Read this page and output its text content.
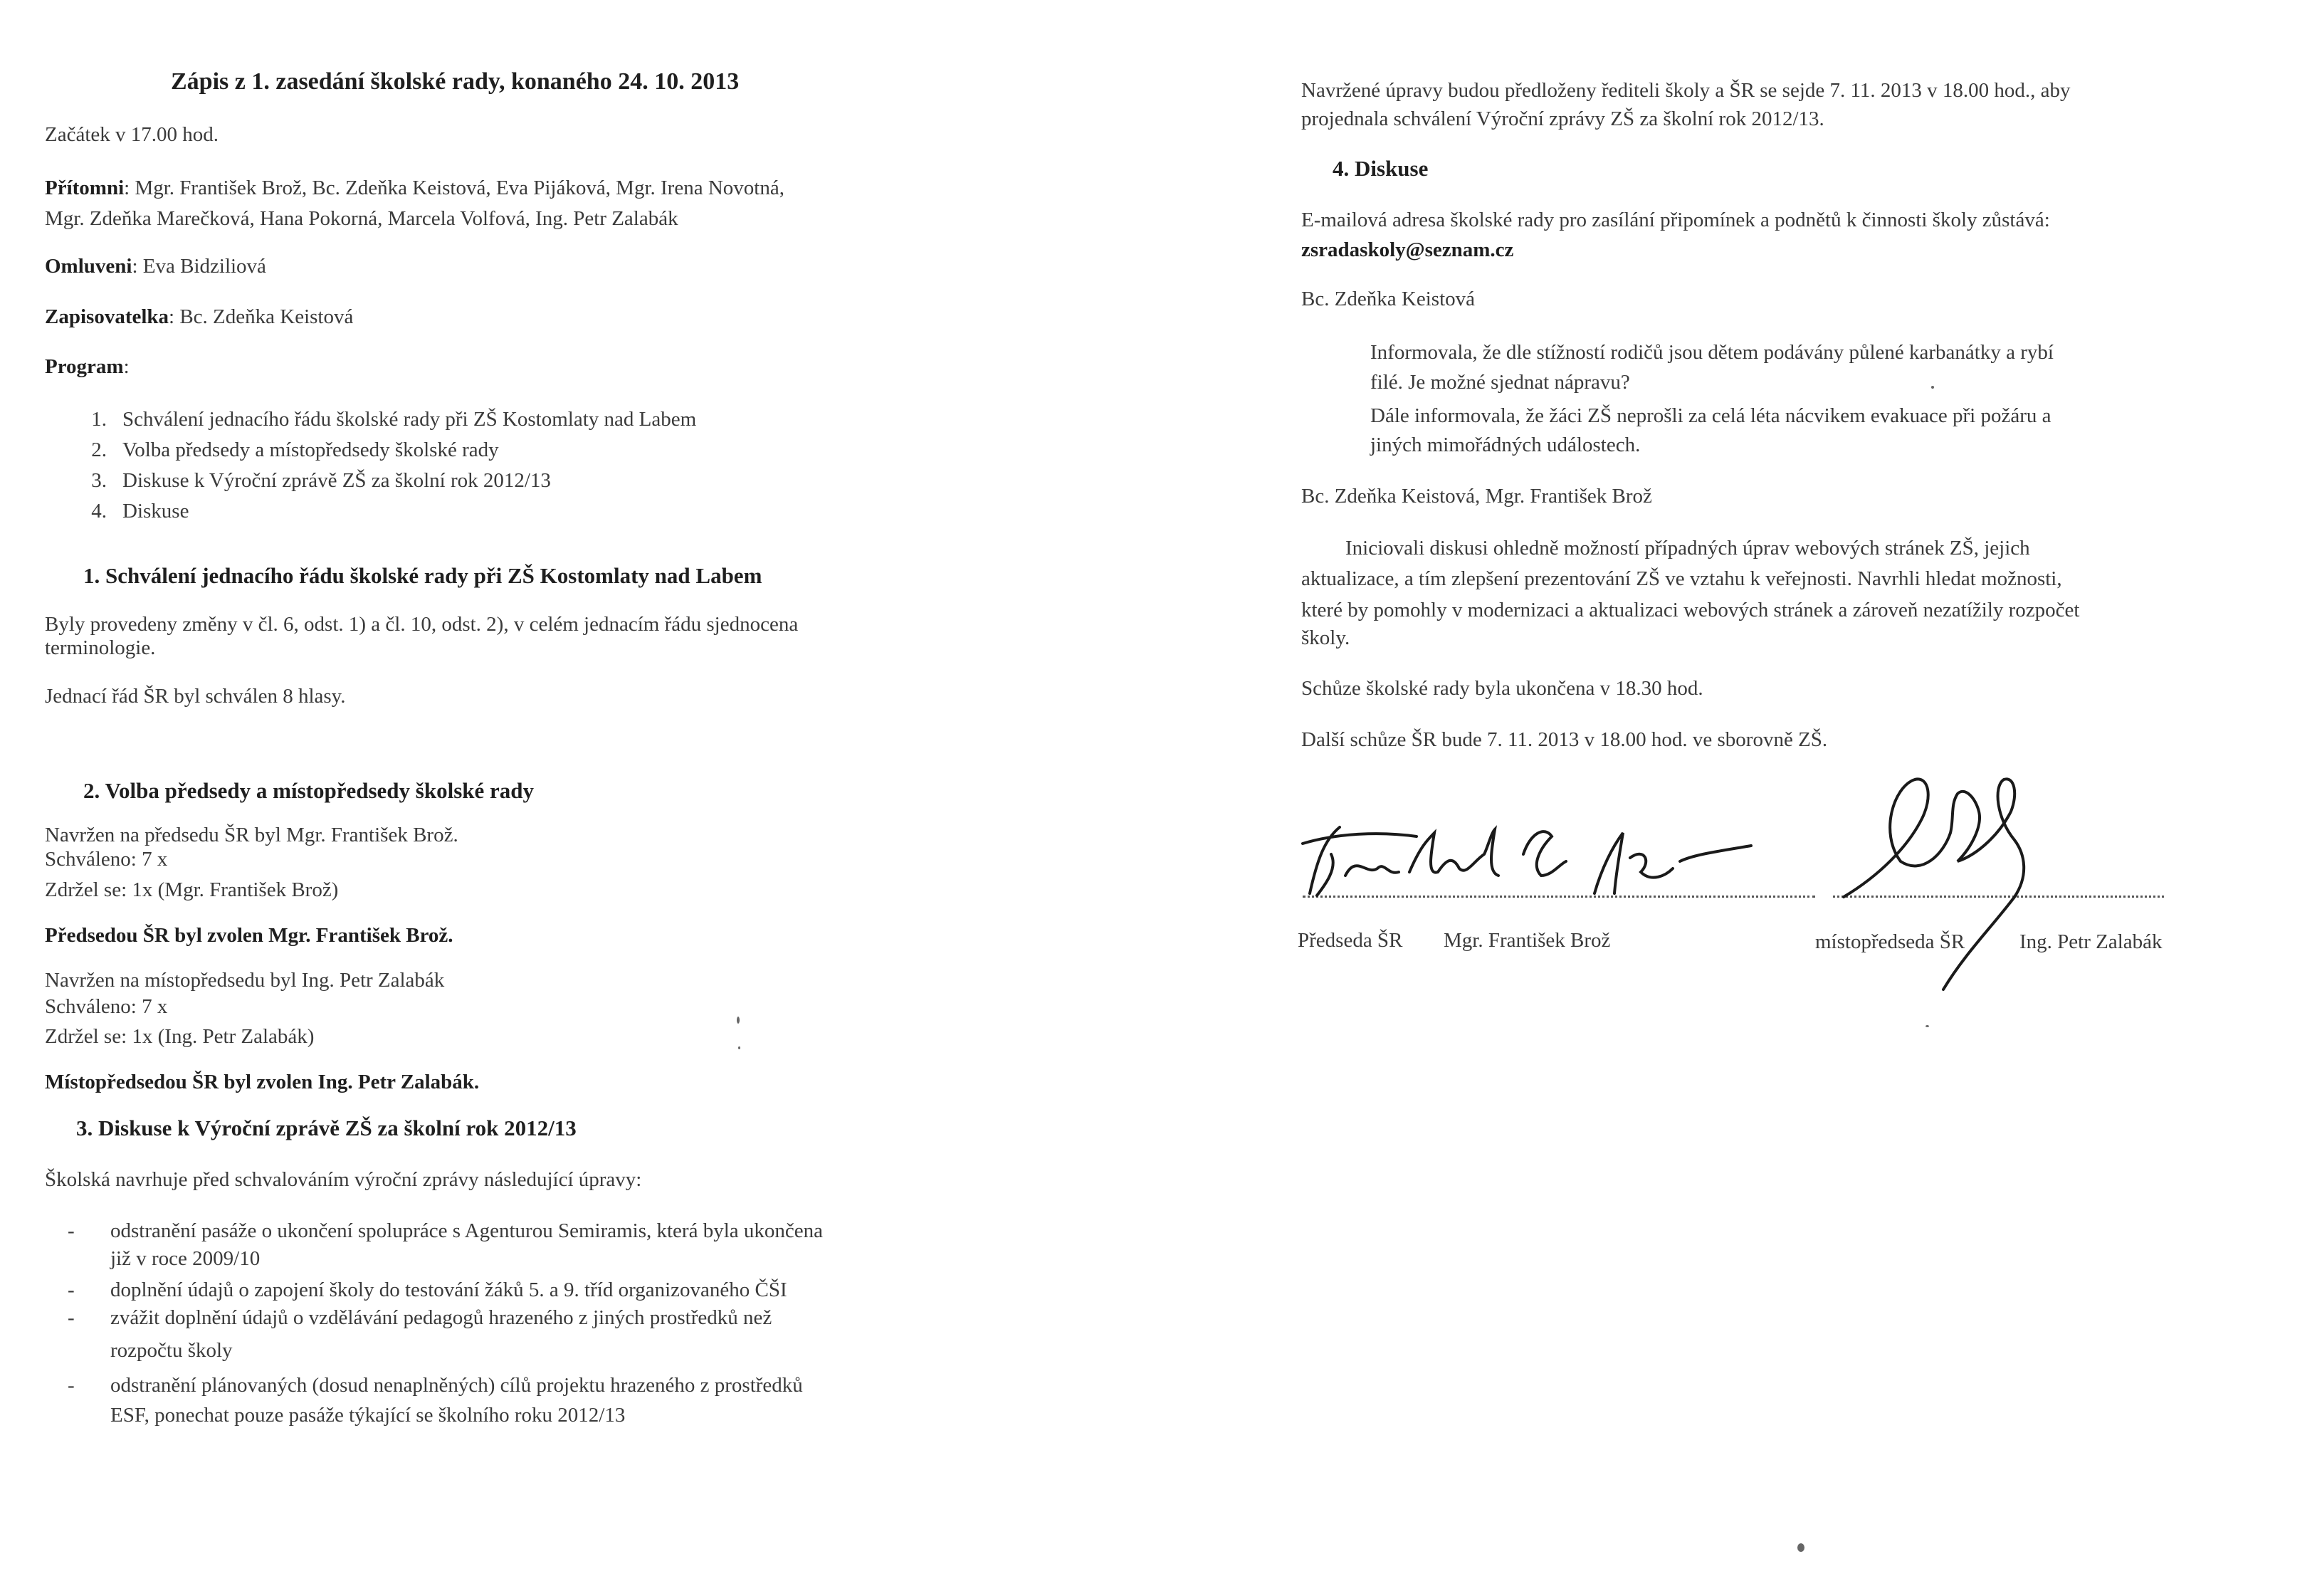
Zápis z 1. zasedání školské rady, konaného 24. 10. 2013
Začátek v 17.00 hod.
Přítomni: Mgr. František Brož, Bc. Zdeňka Keistová, Eva Pijáková, Mgr. Irena Novotná,
Mgr. Zdeňka Marečková, Hana Pokorná, Marcela Volfová, Ing. Petr Zalabák
Omluveni: Eva Bidziliová
Zapisovatelka: Bc. Zdeňka Keistová
Program:
1. Schválení jednacího řádu školské rady při ZŠ Kostomlaty nad Labem
2. Volba předsedy a místopředsedy školské rady
3. Diskuse k Výroční zprávě ZŠ za školní rok 2012/13
4. Diskuse
1. Schválení jednacího řádu školské rady při ZŠ Kostomlaty nad Labem
Byly provedeny změny v čl. 6, odst. 1) a čl. 10, odst. 2), v celém jednacím řádu sjednocena
terminologie.
Jednací řád ŠR byl schválen 8 hlasy.
2. Volba předsedy a místopředsedy školské rady
Navržen na předsedu ŠR byl Mgr. František Brož.
Schváleno: 7 x
Zdržel se: 1x (Mgr. František Brož)
Předsedou ŠR byl zvolen Mgr. František Brož.
Navržen na místopředsedu byl Ing. Petr Zalabák
Schváleno: 7 x
Zdržel se: 1x (Ing. Petr Zalabák)
Místopředsedou ŠR byl zvolen Ing. Petr Zalabák.
3. Diskuse k Výroční zprávě ZŠ za školní rok 2012/13
Školská navrhuje před schvalováním výroční zprávy následující úpravy:
- odstranění pasáže o ukončení spolupráce s Agenturou Semiramis, která byla ukončena
již v roce 2009/10
- doplnění údajů o zapojení školy do testování žáků 5. a 9. tříd organizovaného ČŠI
- zvážit doplnění údajů o vzdělávání pedagogů hrazeného z jiných prostředků než
rozpočtu školy
- odstranění plánovaných (dosud nenaplněných) cílů projektu hrazeného z prostředků
ESF, ponechat pouze pasáže týkající se školního roku 2012/13
Navržené úpravy budou předloženy řediteli školy a ŠR se sejde 7. 11. 2013 v 18.00 hod., aby
projednala schválení Výroční zprávy ZŠ za školní rok 2012/13.
4. Diskuse
E-mailová adresa školské rady pro zasílání připomínek a podnětů k činnosti školy zůstává:
zsradaskoly@seznam.cz
Bc. Zdeňka Keistová
Informovala, že dle stížností rodičů jsou dětem podávány půlené karbanátky a rybí
filé. Je možné sjednat nápravu?
Dále informovala, že žáci ZŠ neprošli za celá léta nácvikem evakuace při požáru a
jiných mimořádných událostech.
Bc. Zdeňka Keistová, Mgr. František Brož
Iniciovali diskusi ohledně možností případných úprav webových stránek ZŠ, jejich
aktualizace, a tím zlepšení prezentování ZŠ ve vztahu k veřejnosti. Navrhli hledat možnosti,
které by pomohly v modernizaci a aktualizaci webových stránek a zároveň nezatížily rozpočet
školy.
Schůze školské rady byla ukončena v 18.30 hod.
Další schůze ŠR bude 7. 11. 2013 v 18.00 hod. ve sborovně ZŠ.
Předseda ŠR Mgr. František Brož	místopředseda ŠR	Ing. Petr Zalabák
